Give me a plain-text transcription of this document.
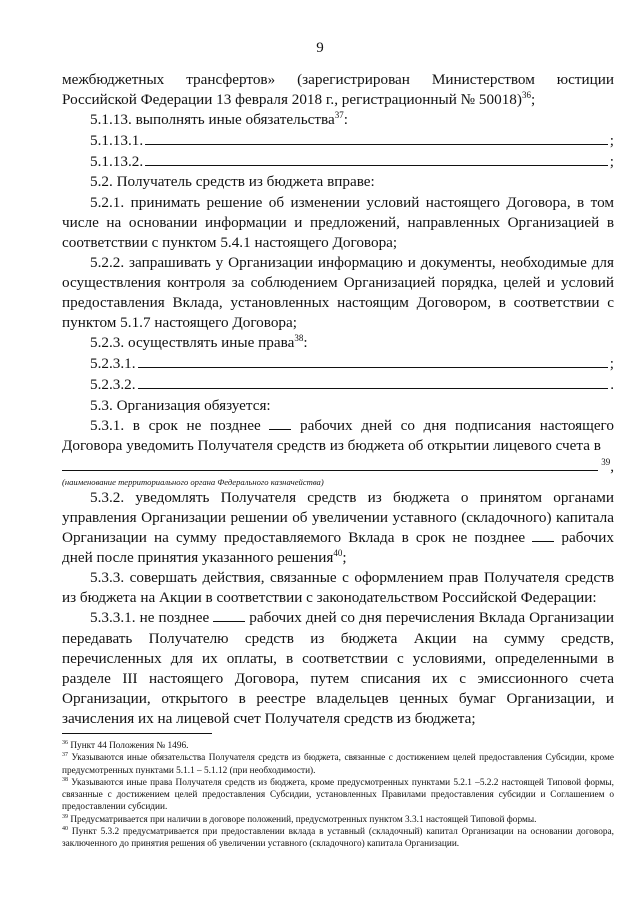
9

межбюджетных трансфертов» (зарегистрирован Министерством юстиции Российской Федерации 13 февраля 2018 г., регистрационный № 50018)$^{36}$;

5.1.13. выполнять иные обязательства$^{37}$:

5.1.13.1.	;
5.1.13.2.	;

5.2. Получатель средств из бюджета вправе:

5.2.1. принимать решение об изменении условий настоящего Договора, в том числе на основании информации и предложений, направленных Организацией в соответствии с пунктом 5.4.1 настоящего Договора;

5.2.2. запрашивать у Организации информацию и документы, необходимые для осуществления контроля за соблюдением Организацией порядка, целей и условий предоставления Вклада, установленных настоящим Договором, в соответствии с пунктом 5.1.7 настоящего Договора;

5.2.3. осуществлять иные права$^{38}$:

5.2.3.1.	;
5.2.3.2.	.

5.3. Организация обязуется:

5.3.1. в срок не позднее	рабочих дней со дня подписания настоящего Договора уведомить Получателя средств из бюджета об открытии лицевого счета в

$^{39}$,
(наименование территориального органа Федерального казначейства)

5.3.2. уведомлять Получателя средств из бюджета о принятом органами управления Организации решении об увеличении уставного (складочного) капитала Организации на сумму предоставляемого Вклада в срок не позднее рабочих дней после принятия указанного решения$^{40}$;

5.3.3. совершать действия, связанные с оформлением прав Получателя средств из бюджета на Акции в соответствии с законодательством Российской Федерации:

5.3.3.1. не позднее	рабочих дней со дня перечисления Вклада Организации передавать Получателю средств из бюджета Акции на сумму средств, перечисленных для их оплаты, в соответствии с условиями, определенными в разделе III настоящего Договора, путем списания их с эмиссионного счета Организации, открытого в реестре владельцев ценных бумаг Организации, и зачисления их на лицевой счет Получателя средств из бюджета;

$^{36}$ Пункт 44 Положения № 1496.

$^{37}$ Указываются иные обязательства Получателя средств из бюджета, связанные с достижением целей предоставления Субсидии, кроме предусмотренных пунктами 5.1.1 – 5.1.12 (при необходимости).

$^{38}$ Указываются иные права Получателя средств из бюджета, кроме предусмотренных пунктами 5.2.1 –5.2.2 настоящей Типовой формы, связанные с достижением целей предоставления Субсидии, установленных Правилами предоставления субсидии и Соглашением о предоставлении субсидии.

$^{39}$ Предусматривается при наличии в договоре положений, предусмотренных пунктом 3.3.1 настоящей Типовой формы.

$^{40}$ Пункт 5.3.2 предусматривается при предоставлении вклада в уставный (складочный) капитал Организации на основании договора, заключенного до принятия решения об увеличении уставного (складочного) капитала Организации.
